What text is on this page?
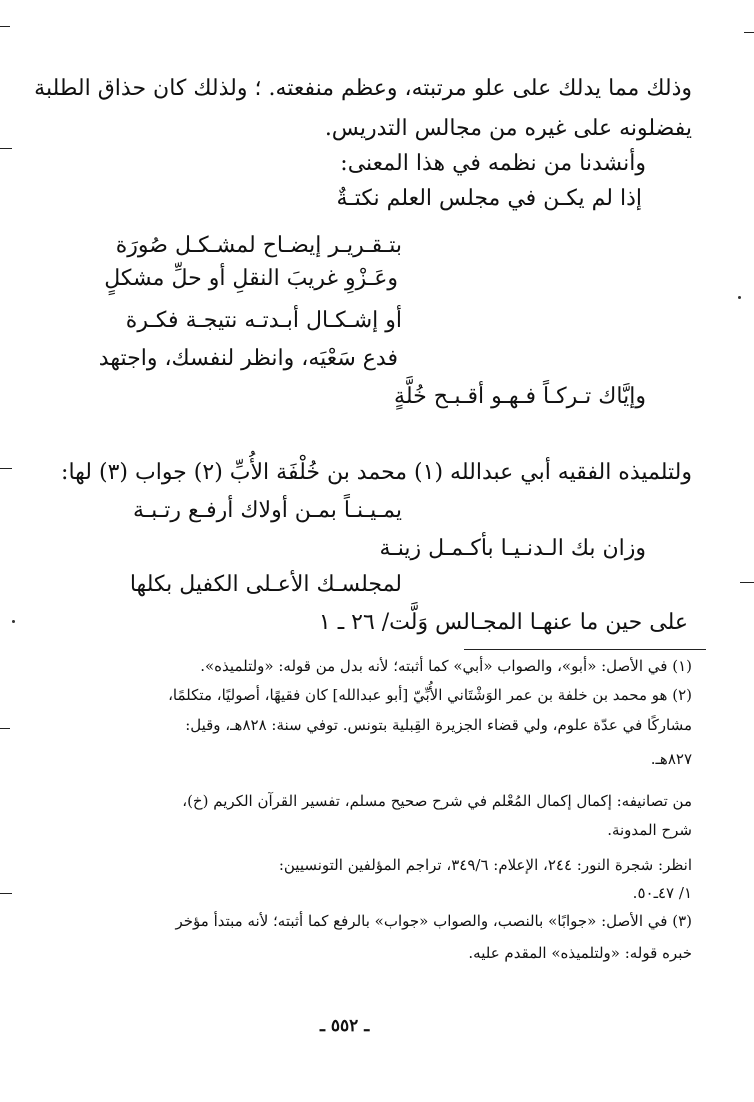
وذلك مما يدلك على علو مرتبته، وعظم منفعته. ؛ ولذلك كان حذاق الطلبة
يفضلونه على غيره من مجالس التدريس.
وأنشدنا من نظمه في هذا المعنى:
إذا لم يكـن في مجلس العلم نكتـةٌ
بتـقـريـر إيضـاح لمشـكـل صُورَة
وعَـزْوِ غريبَ النقلِ أو حلِّ مشكلٍ
أو إشـكـال أبـدتـه نتيجـة فكـرة
فدع سَعْيَه، وانظر لنفسك، واجتهد
وإيَّاك تـركـاً فـهـو أقـبـح خُلَّةٍ
ولتلميذه الفقيه أبي عبدالله (١) محمد بن خُلْفَة الأُبِّ (٢) جواب (٣) لها:
يمـيـنـاً بمـن أولاك أرفـع رتـبـة
وزان بك الـدنـيـا بأكـمـل زينـة
لمجلسـك الأعـلى الكفيل بكلها
على حين ما عنهـا المجـالس وَلَّت/ ٢٦ ـ ١
(١) في الأصل: «أبو»، والصواب «أبي» كما أثبته؛ لأنه بدل من قوله: «ولتلميذه».
(٢) هو محمد بن خلفة بن عمر الوَشْتَاني الأُبِّيّ [أبو عبدالله] كان فقيهًا، أصوليًا، متكلمًا،
مشاركًا في عدّة علوم، ولي قضاء الجزيرة القِبلية بتونس. توفي سنة: ٨٢٨هـ، وقيل:
٨٢٧هـ.
من تصانيفه: إكمال إكمال المُعْلم في شرح صحيح مسلم، تفسير القرآن الكريم (خ)،
شرح المدونة.
انظر: شجرة النور: ٢٤٤، الإعلام: ٣٤٩/٦، تراجم المؤلفين التونسيين:
١/ ٤٧ـ٥٠.
(٣) في الأصل: «جوابًا» بالنصب، والصواب «جواب» بالرفع كما أثبته؛ لأنه مبتدأ مؤخر
خبره قوله: «ولتلميذه» المقدم عليه.
ـ ٥٥٢ ـ
